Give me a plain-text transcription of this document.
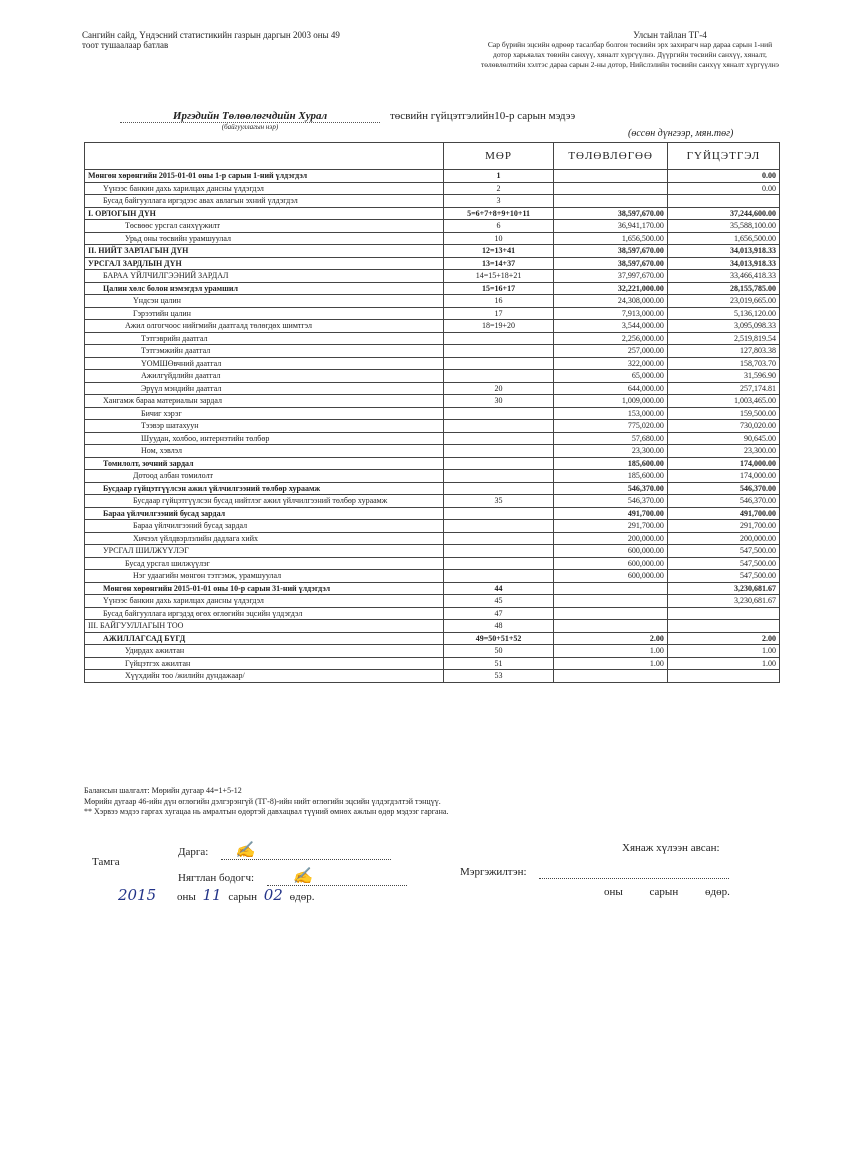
Сангийн сайд, Үндэсний статистикийн газрын даргын 2003 оны 49 тоот тушаалаар батлав
Улсын тайлан ТГ-4
Сар бүрийн эцсийн өдрөөр тасалбар болгон төсвийн эрх захирагч нар дараа сарын 1-ний дотор харьяалах төвийн санхүү, хяналт хүргүүлнэ. Дүүргийн төсвийн санхүү, хяналт, төлөвлөлтийн хэлтэс дараа сарын 2-ны дотор, Нийслэлийн төсвийн санхүү хяналт хүргүүлнэ
Иргэдийн Төлөөлөгчдийн Хурал
(байгууллагын нэр)
төсвийн гүйцэтгэлийн10-р сарын мэдээ
(өссөн дүнгээр, мян.төг)
	МӨР	ТӨЛӨВЛӨГӨӨ	ГҮЙЦЭТГЭЛ
Мөнгөн хөрөнгийн 2015-01-01 оны 1-р сарын 1-ний үлдэгдэл	1		0.00
Үүнээс банкин дахь харилцах дансны үлдэгдэл	2		0.00
Бусад байгууллага иргэдээс авах авлагын эхний үлдэгдэл	3		
I. ОРЛОГЫН ДҮН	5=6+7+8+9+10+11	38,597,670.00	37,244,600.00
Төсвөөс урсгал санхүүжилт	6	36,941,170.00	35,588,100.00
Урьд оны төсвийн урамшуулал	10	1,656,500.00	1,656,500.00
II. НИЙТ ЗАРЛАГЫН ДҮН	12=13+41	38,597,670.00	34,013,918.33
УРСГАЛ ЗАРДЛЫН ДҮН	13=14+37	38,597,670.00	34,013,918.33
БАРАА ҮЙЛЧИЛГЭЭНИЙ ЗАРДАЛ	14=15+18+21	37,997,670.00	33,466,418.33
Цалин хөлс болон нэмэгдэл урамшил	15=16+17	32,221,000.00	28,155,785.00
Үндсэн цалин	16	24,308,000.00	23,019,665.00
Гэрээтийн цалин	17	7,913,000.00	5,136,120.00
Ажил олгогчоос нийгмийн даатгалд төлөгдөх шимтгэл	18=19+20	3,544,000.00	3,095,098.33
Тэтгэврийн даатгал		2,256,000.00	2,519,819.54
Тэтгэмжийн даатгал		257,000.00	127,803.38
ҮОМШӨвчний даатгал		322,000.00	158,703.70
Ажилгүйдлийн даатгал		65,000.00	31,596.90
Эрүүл мэндийн даатгал	20	644,000.00	257,174.81
Хангамж бараа материалын зардал	30	1,009,000.00	1,003,465.00
Бичиг хэрэг		153,000.00	159,500.00
Тээвэр шатахуун		775,020.00	730,020.00
Шуудан, холбоо, интернэтийн төлбөр		57,680.00	90,645.00
Ном, хэвлэл		23,300.00	23,300.00
Томилолт, зочний зардал		185,600.00	174,000.00
Дотоод албан томилолт		185,600.00	174,000.00
Бусдаар гүйцэтгүүлсэн ажил үйлчилгээний төлбөр хураамж		546,370.00	546,370.00
Бусдаар гүйцэтгүүлсэн бусад нийтлэг ажил үйлчилгээний төлбөр хураамж	35	546,370.00	546,370.00
Бараа үйлчилгээний бусад зардал		491,700.00	491,700.00
Бараа үйлчилгээний бусад зардал		291,700.00	291,700.00
Хичээл үйлдвэрлэлийн дадлага хийх		200,000.00	200,000.00
УРСГАЛ ШИЛЖҮҮЛЭГ		600,000.00	547,500.00
Бусад урсгал шилжүүлэг		600,000.00	547,500.00
Нэг удаагийн мөнгөн тэтгэмж, урамшуулал		600,000.00	547,500.00
Мөнгөн хөрөнгийн 2015-01-01 оны 10-р сарын 31-ний үлдэгдэл	44		3,230,681.67
Үүнээс банкин дахь харилцах дансны үлдэгдэл	45		3,230,681.67
Бусад байгууллага иргэдэд өгөх өглөгийн эцсийн үлдэгдэл	47		
III. БАЙГУУЛЛАГЫН ТОО	48		
АЖИЛЛАГСАД БҮГД	49=50+51+52	2.00	2.00
Удирдах ажилтан	50	1.00	1.00
Гүйцэтгэх ажилтан	51	1.00	1.00
Хүүхдийн тоо /жилийн дундажаар/	53		
Балансын шалгалт: Мөрийн дугаар 44=1+5-12
Мөрийн дугаар 46-ийн дүн өглөгийн дэлгэрэнгүй (ТГ-8)-ийн нийт өглөгийн эцсийн үлдэгдэлтэй тэнцүү.
** Хэрвээ мэдээ гаргах хугацаа нь амралтын өдөртэй давхацвал түүний өмнөх ажлын өдөр мэдээг гаргана.
Тамга
Дарга: ✍
Нягтлан бодогч: ✍
2015 оны 11 сарын 02 өдөр.
Хянаж хүлээн авсан:
Мэргэжилтэн:
оны сарын өдөр.
